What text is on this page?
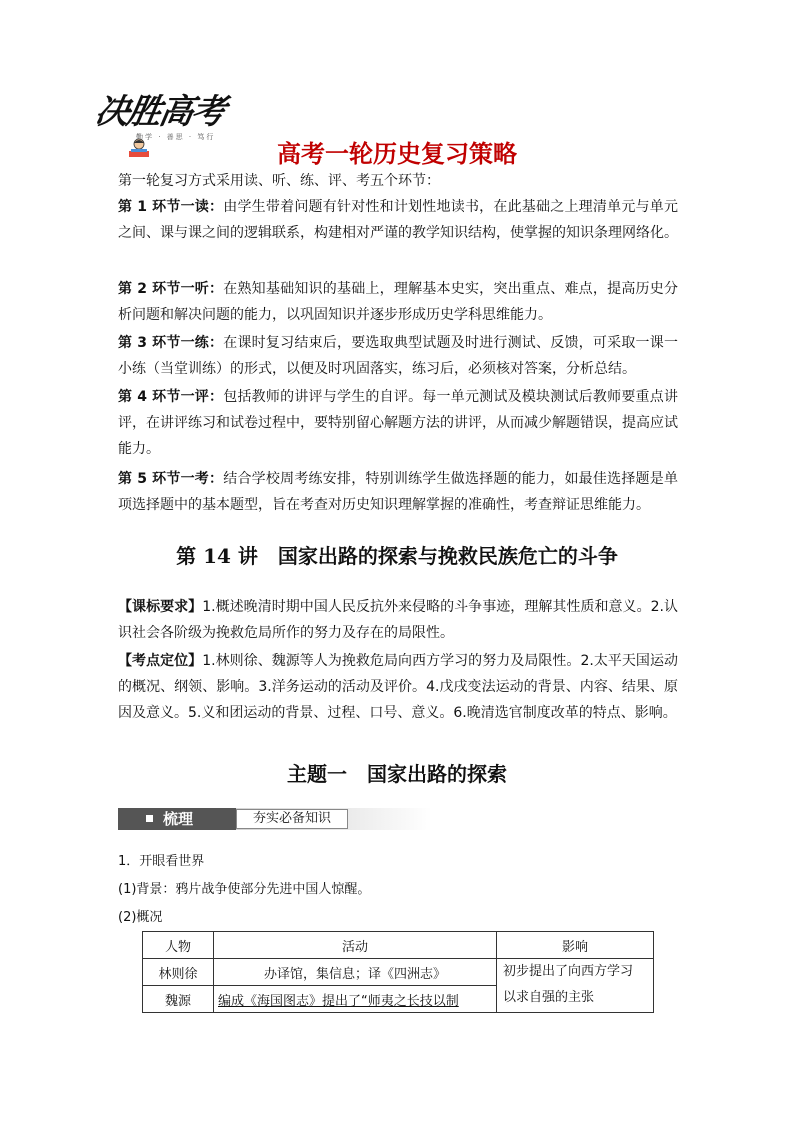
决胜高考
勤学 · 善思 · 笃行
高考一轮历史复习策略
第一轮复习方式采用读、听、练、评、考五个环节：
第 1 环节一读：由学生带着问题有针对性和计划性地读书，在此基础之上理清单元与单元之间、课与课之间的逻辑联系，构建相对严谨的教学知识结构，使掌握的知识条理网络化。
第 2 环节一听：在熟知基础知识的基础上，理解基本史实，突出重点、难点，提高历史分析问题和解决问题的能力，以巩固知识并逐步形成历史学科思维能力。
第 3 环节一练：在课时复习结束后，要选取典型试题及时进行测试、反馈，可采取一课一小练（当堂训练）的形式，以便及时巩固落实，练习后，必须核对答案，分析总结。
第 4 环节一评：包括教师的讲评与学生的自评。每一单元测试及模块测试后教师要重点讲评，在讲评练习和试卷过程中，要特别留心解题方法的讲评，从而减少解题错误，提高应试能力。
第 5 环节一考：结合学校周考练安排，特别训练学生做选择题的能力，如最佳选择题是单项选择题中的基本题型，旨在考查对历史知识理解掌握的准确性，考查辩证思维能力。
第 14 讲　国家出路的探索与挽救民族危亡的斗争
【课标要求】1.概述晚清时期中国人民反抗外来侵略的斗争事迹，理解其性质和意义。2.认识社会各阶级为挽救危局所作的努力及存在的局限性。
【考点定位】1.林则徐、魏源等人为挽救危局向西方学习的努力及局限性。2.太平天国运动的概况、纲领、影响。3.洋务运动的活动及评价。4.戊戌变法运动的背景、内容、结果、原因及意义。5.义和团运动的背景、过程、口号、意义。6.晚清选官制度改革的特点、影响。
主题一　国家出路的探索
梳理	夯实必备知识
1．开眼看世界
(1)背景：鸦片战争使部分先进中国人惊醒。
(2)概况
人物	活动	影响
林则徐	办译馆，集信息；译《四洲志》	初步提出了向西方学习
以求自强的主张

魏源	编成《海国图志》提出了“师夷之长技以制	
